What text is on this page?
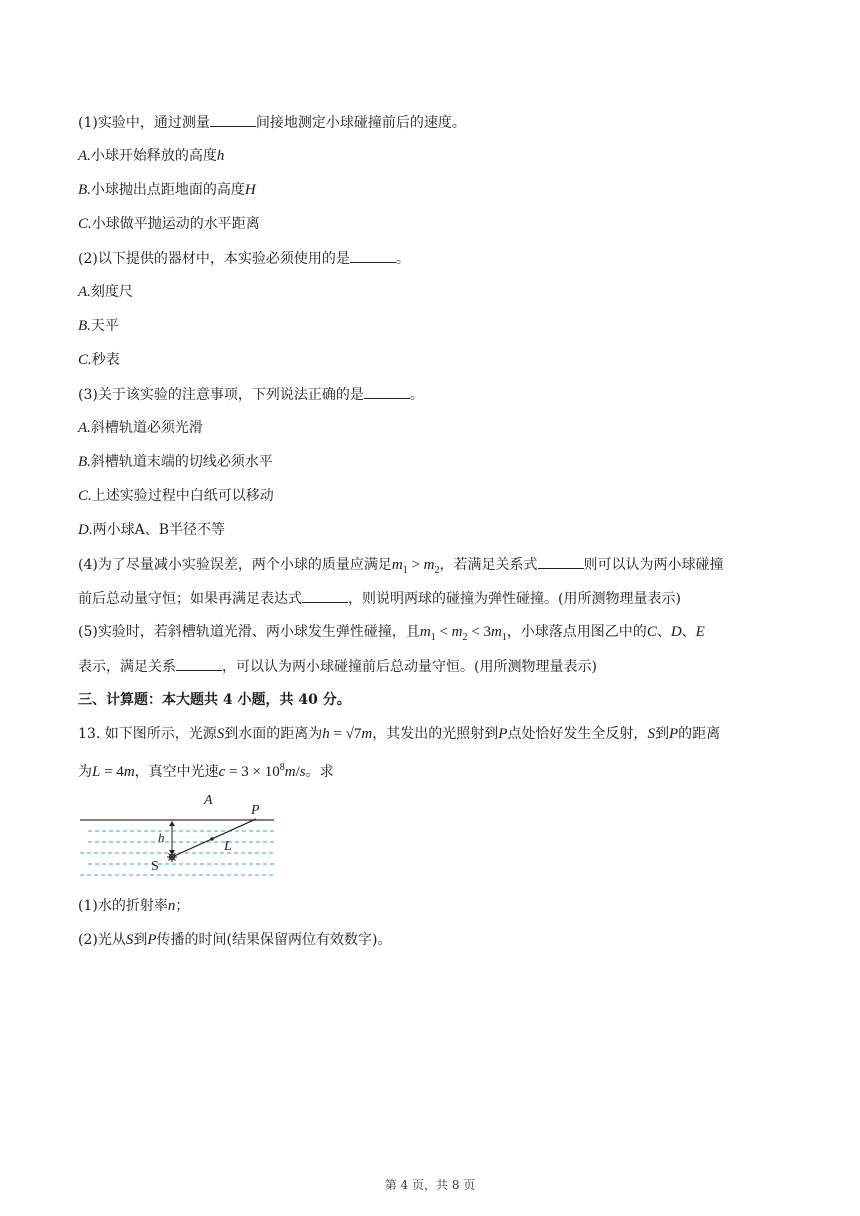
(1)实验中，通过测量	间接地测定小球碰撞前后的速度。
A.小球开始释放的高度h
B.小球抛出点距地面的高度H
C.小球做平抛运动的水平距离
(2)以下提供的器材中，本实验必须使用的是	。
A.刻度尺
B.天平
C.秒表
(3)关于该实验的注意事项，下列说法正确的是	。
A.斜槽轨道必须光滑
B.斜槽轨道末端的切线必须水平
C.上述实验过程中白纸可以移动
D.两小球A、B半径不等
(4)为了尽量减小实验误差，两个小球的质量应满足$m_1 > m_2$，若满足关系式	则可以认为两小球碰撞
前后总动量守恒；如果再满足表达式	，则说明两球的碰撞为弹性碰撞。(用所测物理量表示)
(5)实验时，若斜槽轨道光滑、两小球发生弹性碰撞，且$m_1 < m_2 < 3m_1$，小球落点用图乙中的C、D、E
表示，满足关系	，可以认为两小球碰撞前后总动量守恒。(用所测物理量表示)
三、计算题：本大题共 4 小题，共 40 分。
13. 如下图所示，光源S到水面的距离为h = √7m，其发出的光照射到P点处恰好发生全反射，S到P的距离
为L = 4m，真空中光速$c = 3 \times 10^8m/s$。求
A
P
h
L
S
(1)水的折射率n；
(2)光从S到P传播的时间(结果保留两位有效数字)。
第 4 页，共 8 页
